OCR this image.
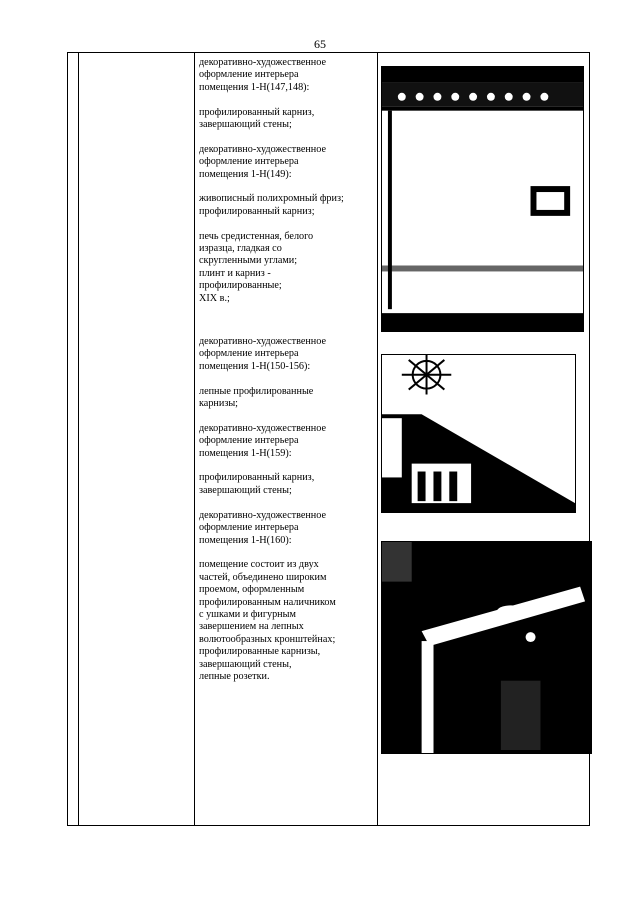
65
декоративно-художественное
оформление интерьера
помещения 1-Н(147,148):
профилированный карниз,
завершающий стены;
декоративно-художественное
оформление интерьера
помещения 1-Н(149):
живописный полихромный фриз;
профилированный карниз;
печь средистенная, белого
изразца, гладкая со
скругленными углами;
плинт и карниз -
профилированные;
XIX в.;
декоративно-художественное
оформление интерьера
помещения 1-Н(150-156):
лепные профилированные
карнизы;
декоративно-художественное
оформление интерьера
помещения 1-Н(159):
профилированный карниз,
завершающий стены;
декоративно-художественное
оформление интерьера
помещения 1-Н(160):
помещение состоит из двух
частей, объединено широким
проемом, оформленным
профилированным наличником
с ушками и фигурным
завершением на лепных
волютообразных кронштейнах;
профилированные карнизы,
завершающий стены,
лепные розетки.
